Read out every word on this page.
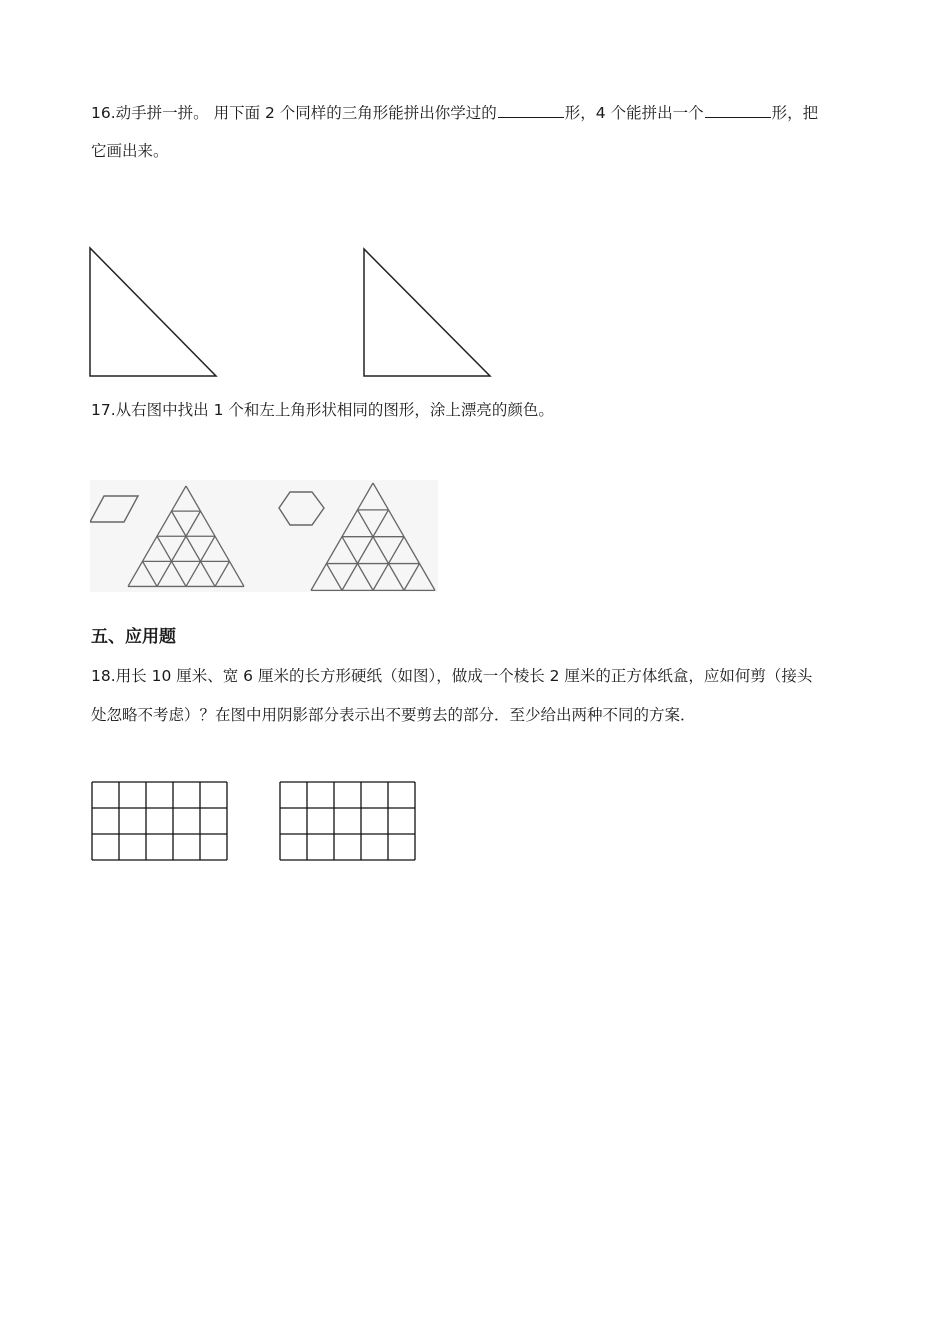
16.动手拼一拼。 用下面 2 个同样的三角形能拼出你学过的	形，4 个能拼出一个	形，把
它画出来。
17.从右图中找出 1 个和左上角形状相同的图形，涂上漂亮的颜色。
五、应用题
18.用长 10 厘米、宽 6 厘米的长方形硬纸（如图），做成一个棱长 2 厘米的正方体纸盒，应如何剪（接头
处忽略不考虑）？在图中用阴影部分表示出不要剪去的部分．至少给出两种不同的方案．
